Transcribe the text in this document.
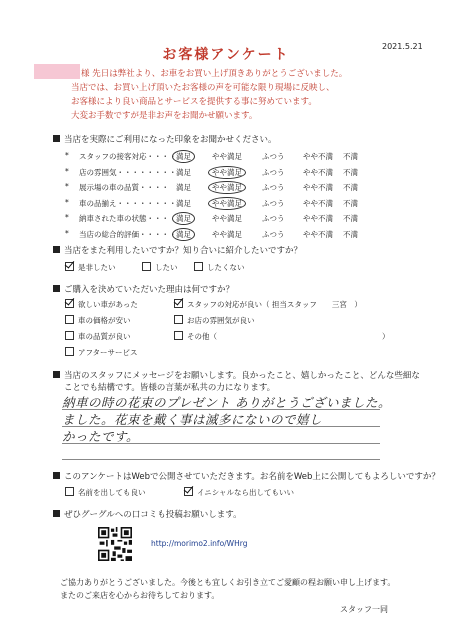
お客様アンケート
2021.5.21
様 先日は弊社より、お車をお買い上げ頂きありがとうございました。
当店では、お買い上げ頂いたお客様の声を可能な限り現場に反映し、
お客様により良い商品とサービスを提供する事に努めています。
大変お手数ですが是非お声をお聞かせ願います。
当店を実際にご利用になった印象をお聞かせください。
* スタッフの接客対応・・・・ 満足	やや満足	ふつう やや不満 不満
* 店の雰囲気・・・・・・・・ 満足	やや満足	ふつう やや不満 不満
* 展示場の車の品質・・・・ 満足	やや満足	ふつう やや不満 不満
* 車の品揃え・・・・・・・・ 満足	やや満足	ふつう やや不満 不満
* 納車された車の状態・・・ 満足	やや満足	ふつう やや不満 不満
* 当店の総合的評価・・・・・ 満足	やや満足	ふつう やや不満 不満
当店をまた利用したいですか？知り合いに紹介したいですか？
是非したい	したい	したくない
ご購入を決めていただいた理由は何ですか？
欲しい車があった	スタッフの対応が良い（ 担当スタッフ　　三宮　）
車の価格が安い	お店の雰囲気が良い
車の品質が良い	その他（　　　　　　　　　　　　　　　　　　　　　　）
アフターサービス
当店のスタッフにメッセージをお願いします。良かったこと、嬉しかったこと、どんな些細な
ことでも結構です。皆様の言葉が私共の力になります。
納車の時の花束のプレゼント ありがとうございました。
ました。花束を戴く事は滅多にないので嬉し
かったです。
このアンケートはWebで公開させていただきます。お名前をWeb上に公開してもよろしいですか？
名前を出しても良い	イニシャルなら出してもいい
ぜひグーグルへの口コミも投稿お願いします。
http://morimo2.info/WHrg
ご協力ありがとうございました。今後とも宜しくお引き立てご愛顧の程お願い申し上げます。
またのご来店を心からお待ちしております。
スタッフ一同
